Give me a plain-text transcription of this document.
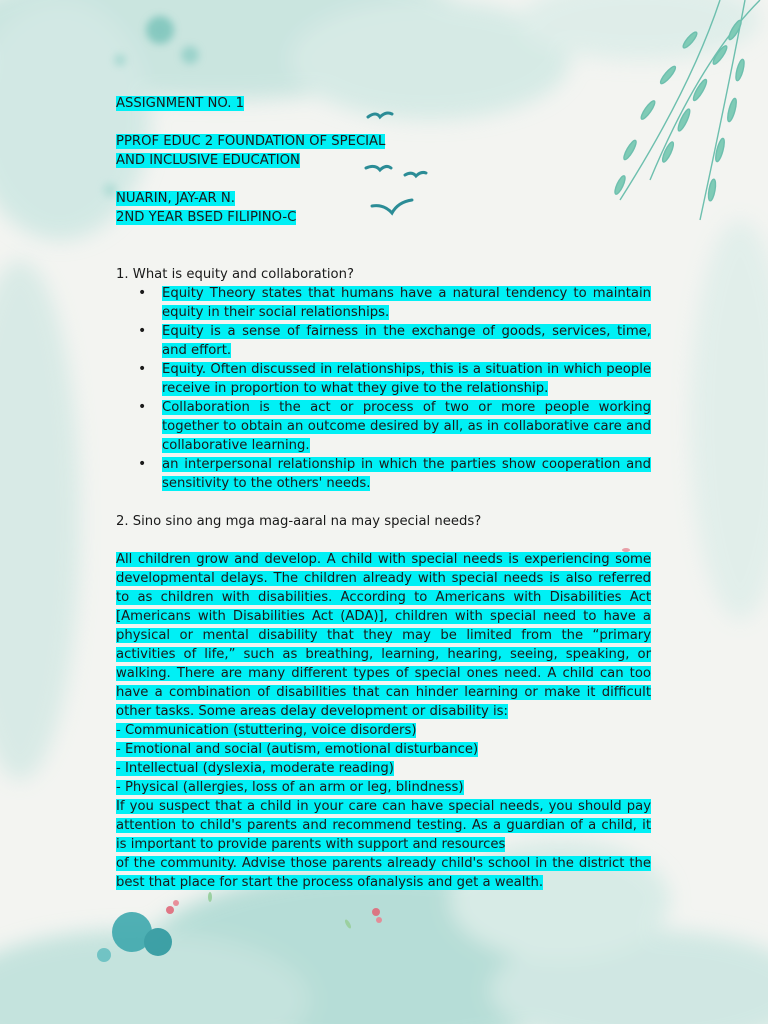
ASSIGNMENT NO. 1

PPROF EDUC 2 FOUNDATION OF SPECIAL

AND INCLUSIVE EDUCATION

NUARIN, JAY-AR N.

2ND YEAR BSED FILIPINO-C

1. What is equity and collaboration?

• Equity Theory states that humans have a natural tendency to maintain equity in their social relationships.
• Equity is a sense of fairness in the exchange of goods, services, time, and effort.
• Equity. Often discussed in relationships, this is a situation in which people receive in proportion to what they give to the relationship.
• Collaboration is the act or process of two or more people working together to obtain an outcome desired by all, as in collaborative care and collaborative learning.
• an interpersonal relationship in which the parties show cooperation and sensitivity to the others' needs.

2. Sino sino ang mga mag-aaral na may special needs?

All children grow and develop. A child with special needs is experiencing some developmental delays. The children already with special needs is also referred to as children with disabilities. According to Americans with Disabilities Act [Americans with Disabilities Act (ADA)], children with special need to have a physical or mental disability that they may be limited from the “primary activities of life,” such as breathing, learning, hearing, seeing, speaking, or walking. There are many different types of special ones need. A child can too have a combination of disabilities that can hinder learning or make it difficult other tasks. Some areas delay development or disability is:

- Communication (stuttering, voice disorders)

- Emotional and social (autism, emotional disturbance)

- Intellectual (dyslexia, moderate reading)

- Physical (allergies, loss of an arm or leg, blindness)

If you suspect that a child in your care can have special needs, you should pay attention to child's parents and recommend testing. As a guardian of a child, it is important to provide parents with support and resources

of the community. Advise those parents already child's school in the district the best that place for start the process ofanalysis and get a wealth.
